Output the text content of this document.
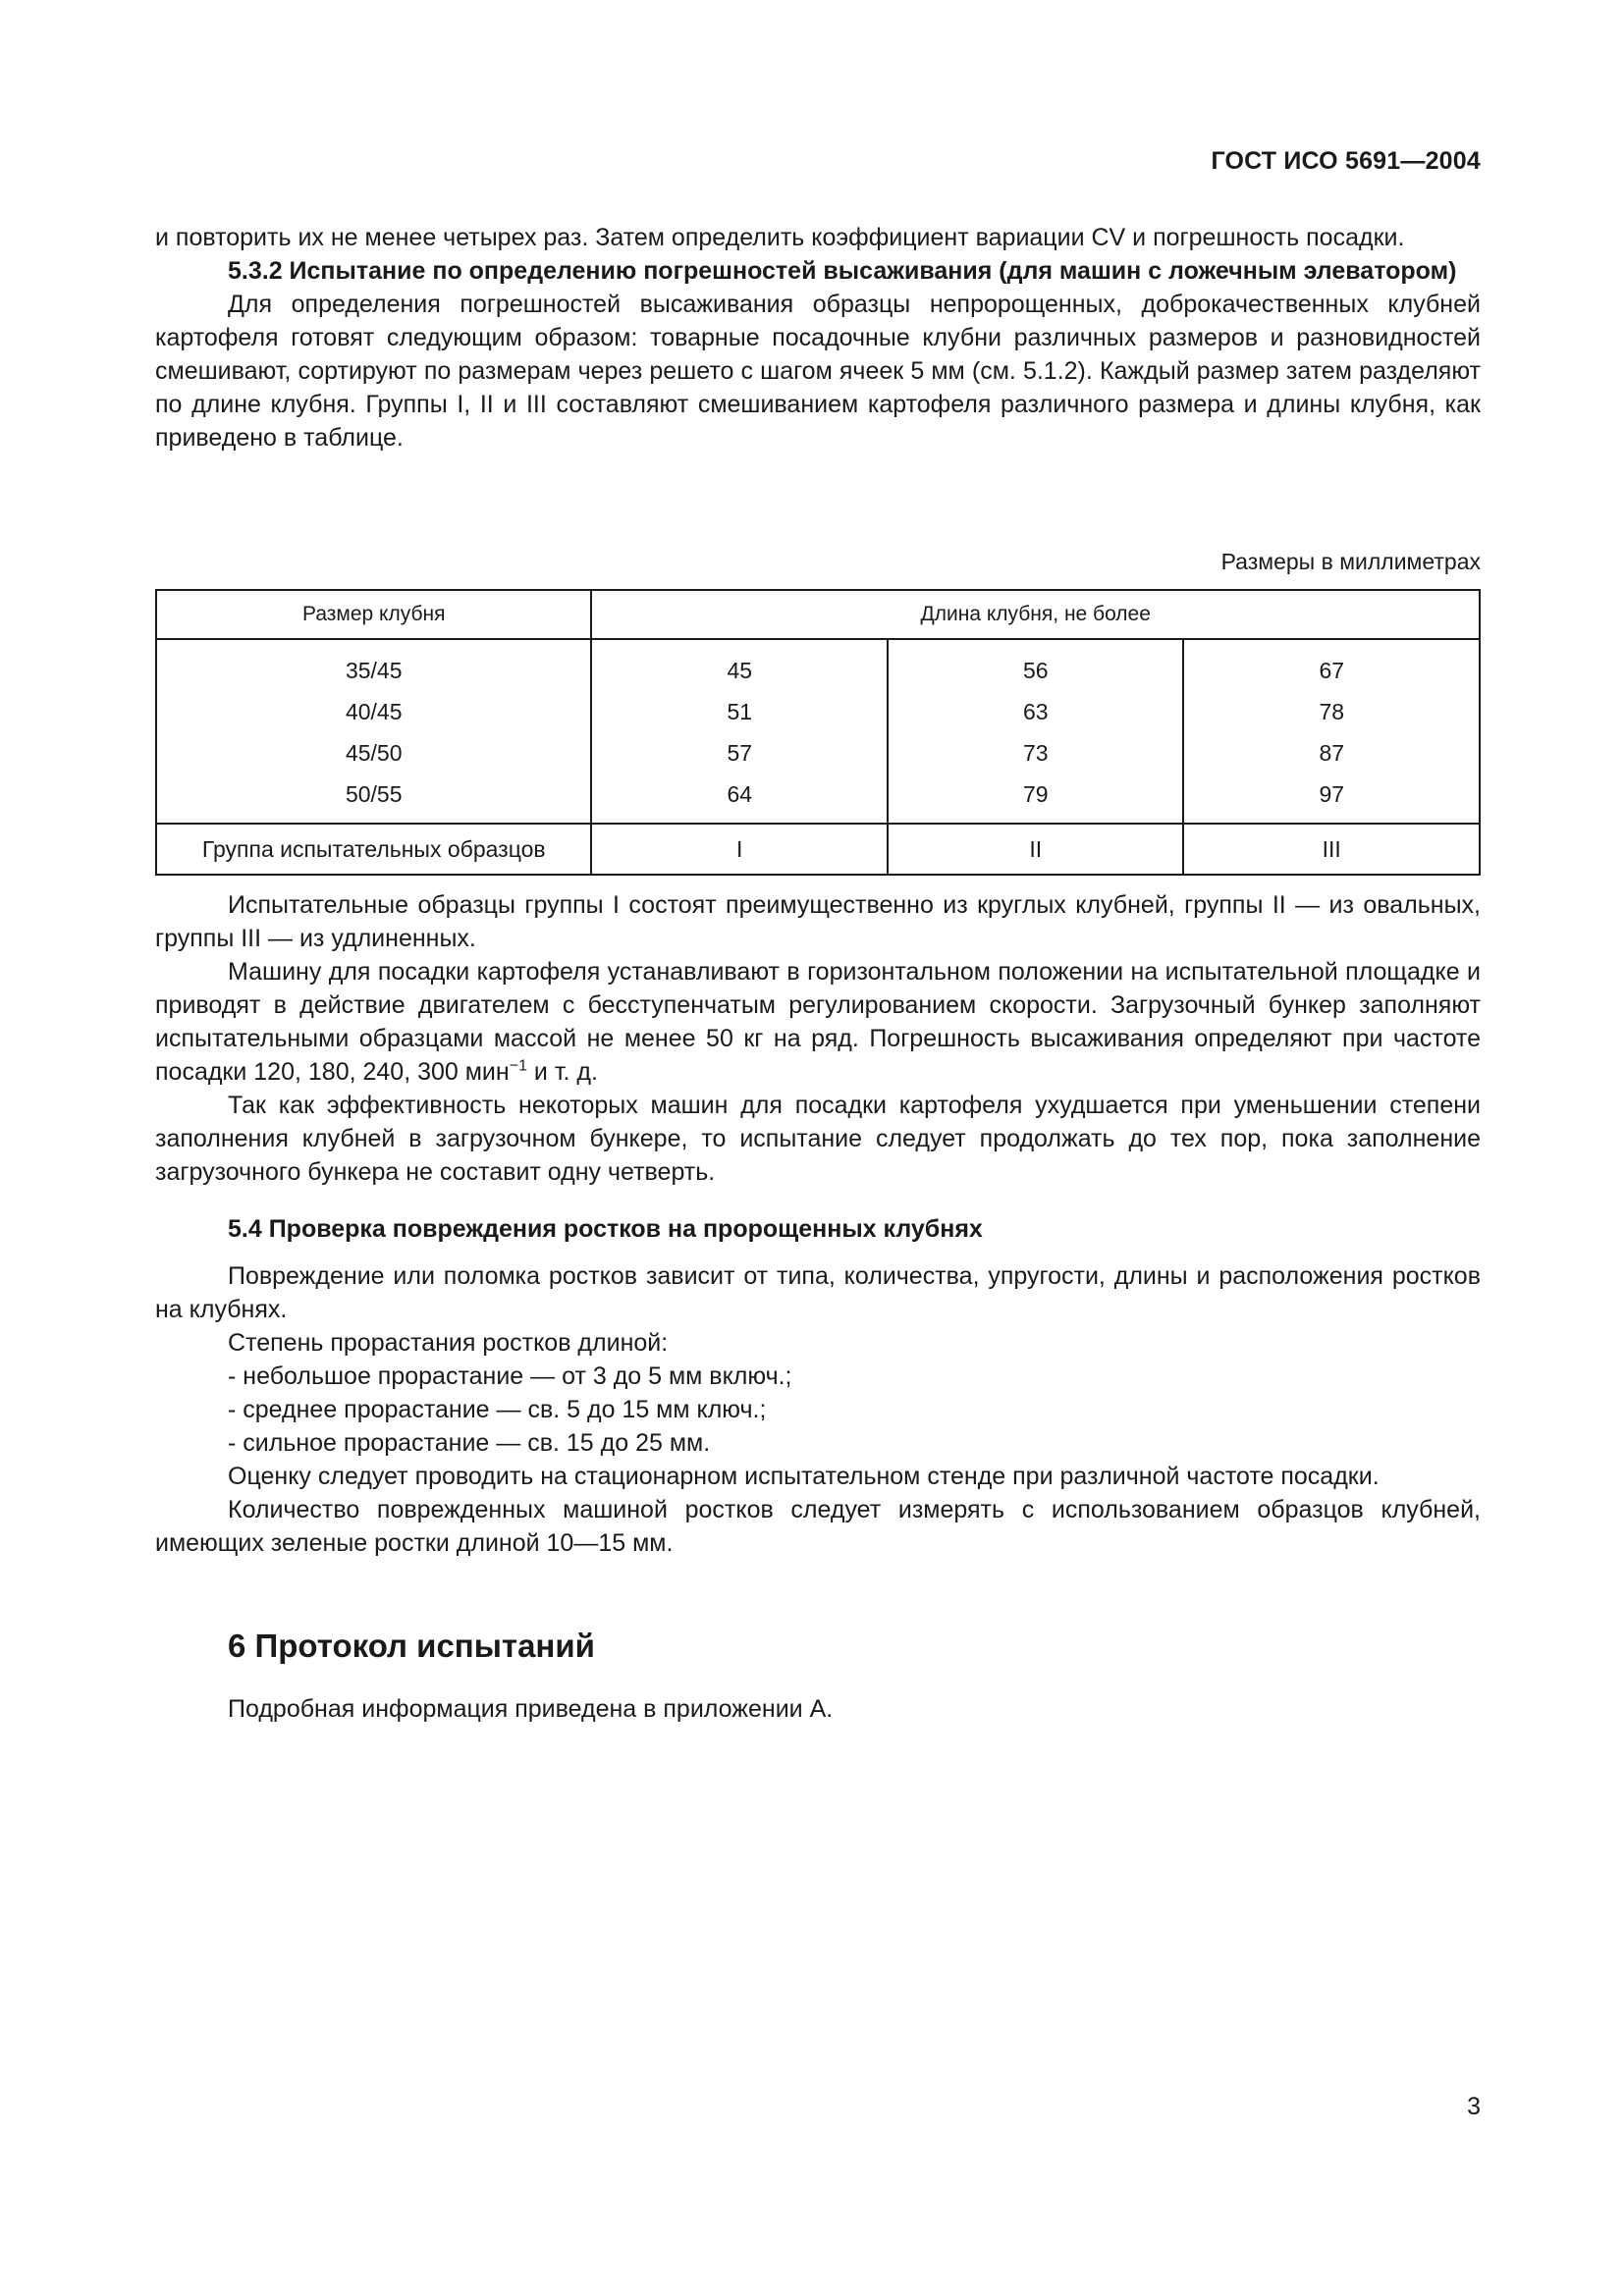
ГОСТ ИСО 5691—2004

и повторить их не менее четырех раз. Затем определить коэффициент вариации CV и погрешность посадки.

5.3.2 Испытание по определению погрешностей высаживания (для машин с ложечным элеватором)

Для определения погрешностей высаживания образцы непророщенных, доброкачественных клубней картофеля готовят следующим образом: товарные посадочные клубни различных размеров и разновидностей смешивают, сортируют по размерам через решето с шагом ячеек 5 мм (см. 5.1.2). Каждый размер затем разделяют по длине клубня. Группы I, II и III составляют смешиванием картофеля различного размера и длины клубня, как приведено в таблице.

Размеры в миллиметрах
Размер клубня	Длина клубня, не более		
35/45	45	56	67
40/45	51	63	78
45/50	57	73	87
50/55	64	79	97
Группа испытательных образцов	I	II	III

Испытательные образцы группы I состоят преимущественно из круглых клубней, группы II — из овальных, группы III — из удлиненных.

Машину для посадки картофеля устанавливают в горизонтальном положении на испытательной площадке и приводят в действие двигателем с бесступенчатым регулированием скорости. Загрузочный бункер заполняют испытательными образцами массой не менее 50 кг на ряд. Погрешность высаживания определяют при частоте посадки 120, 180, 240, 300 мин$^{-1}$ и т. д.

Так как эффективность некоторых машин для посадки картофеля ухудшается при уменьшении степени заполнения клубней в загрузочном бункере, то испытание следует продолжать до тех пор, пока заполнение загрузочного бункера не составит одну четверть.

5.4 Проверка повреждения ростков на пророщенных клубнях

Повреждение или поломка ростков зависит от типа, количества, упругости, длины и расположения ростков на клубнях.

Степень прорастания ростков длиной:

- небольшое прорастание — от 3 до 5 мм включ.;
- среднее прорастание — св. 5 до 15 мм ключ.;
- сильное прорастание — св. 15 до 25 мм.

Оценку следует проводить на стационарном испытательном стенде при различной частоте посадки.

Количество поврежденных машиной ростков следует измерять с использованием образцов клубней, имеющих зеленые ростки длиной 10—15 мм.

6 Протокол испытаний

Подробная информация приведена в приложении А.

3
